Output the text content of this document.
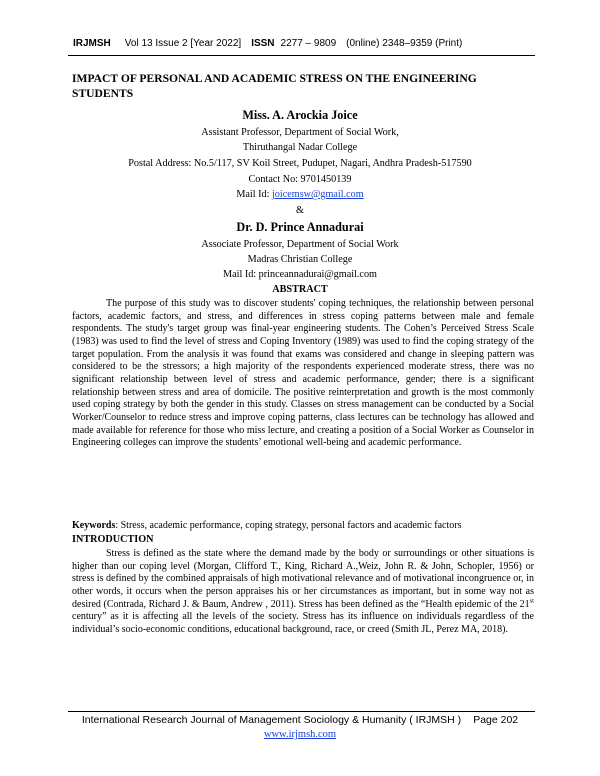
IRJMSH Vol 13 Issue 2 [Year 2022] ISSN 2277 – 9809 (0nline) 2348–9359 (Print)
IMPACT OF PERSONAL AND ACADEMIC STRESS ON THE ENGINEERING STUDENTS
Miss. A. Arockia Joice
Assistant Professor, Department of Social Work,
Thiruthangal Nadar College
Postal Address: No.5/117, SV Koil Street, Pudupet, Nagari, Andhra Pradesh-517590
Contact No: 9701450139
Mail Id: joicemsw@gmail.com
&
Dr. D. Prince Annadurai
Associate Professor, Department of Social Work
Madras Christian College
Mail Id: princeannadurai@gmail.com
ABSTRACT

The purpose of this study was to discover students' coping techniques, the relationship between personal factors, academic factors, and stress, and differences in stress coping patterns between male and female respondents. The study's target group was final-year engineering students. The Cohen’s Perceived Stress Scale (1983) was used to find the level of stress and Coping Inventory (1989) was used to find the coping strategy of the target population. From the analysis it was found that exams was considered and change in sleeping pattern was considered to be the stressors; a high majority of the respondents experienced moderate stress, there was no significant relationship between level of stress and academic performance, gender; there is a significant relationship between stress and area of domicile. The positive reinterpretation and growth is the most commonly used coping strategy by both the gender in this study. Classes on stress management can be conducted by a Social Worker/Counselor to reduce stress and improve coping patterns, class lectures can be technology has allowed and made available for reference for those who miss lecture, and creating a position of a Social Worker as Counselor in Engineering colleges can improve the students’ emotional well-being and academic performance.

Keywords: Stress, academic performance, coping strategy, personal factors and academic factors
INTRODUCTION

Stress is defined as the state where the demand made by the body or surroundings or other situations is higher than our coping level (Morgan, Clifford T., King, Richard A.,Weiz, John R. & John, Schopler, 1956) or stress is defined by the combined appraisals of high motivational relevance and of motivational incongruence or, in other words, it occurs when the person appraises his or her circumstances as important, but in some way not as desired (Contrada, Richard J. & Baum, Andrew , 2011). Stress has been defined as the “Health epidemic of the 21st century” as it is affecting all the levels of the society. Stress has its influence on individuals regardless of the individual’s socio-economic conditions, educational background, race, or creed (Smith JL, Perez MA, 2018).

International Research Journal of Management Sociology & Humanity ( IRJMSH ) Page 202
www.irjmsh.com
